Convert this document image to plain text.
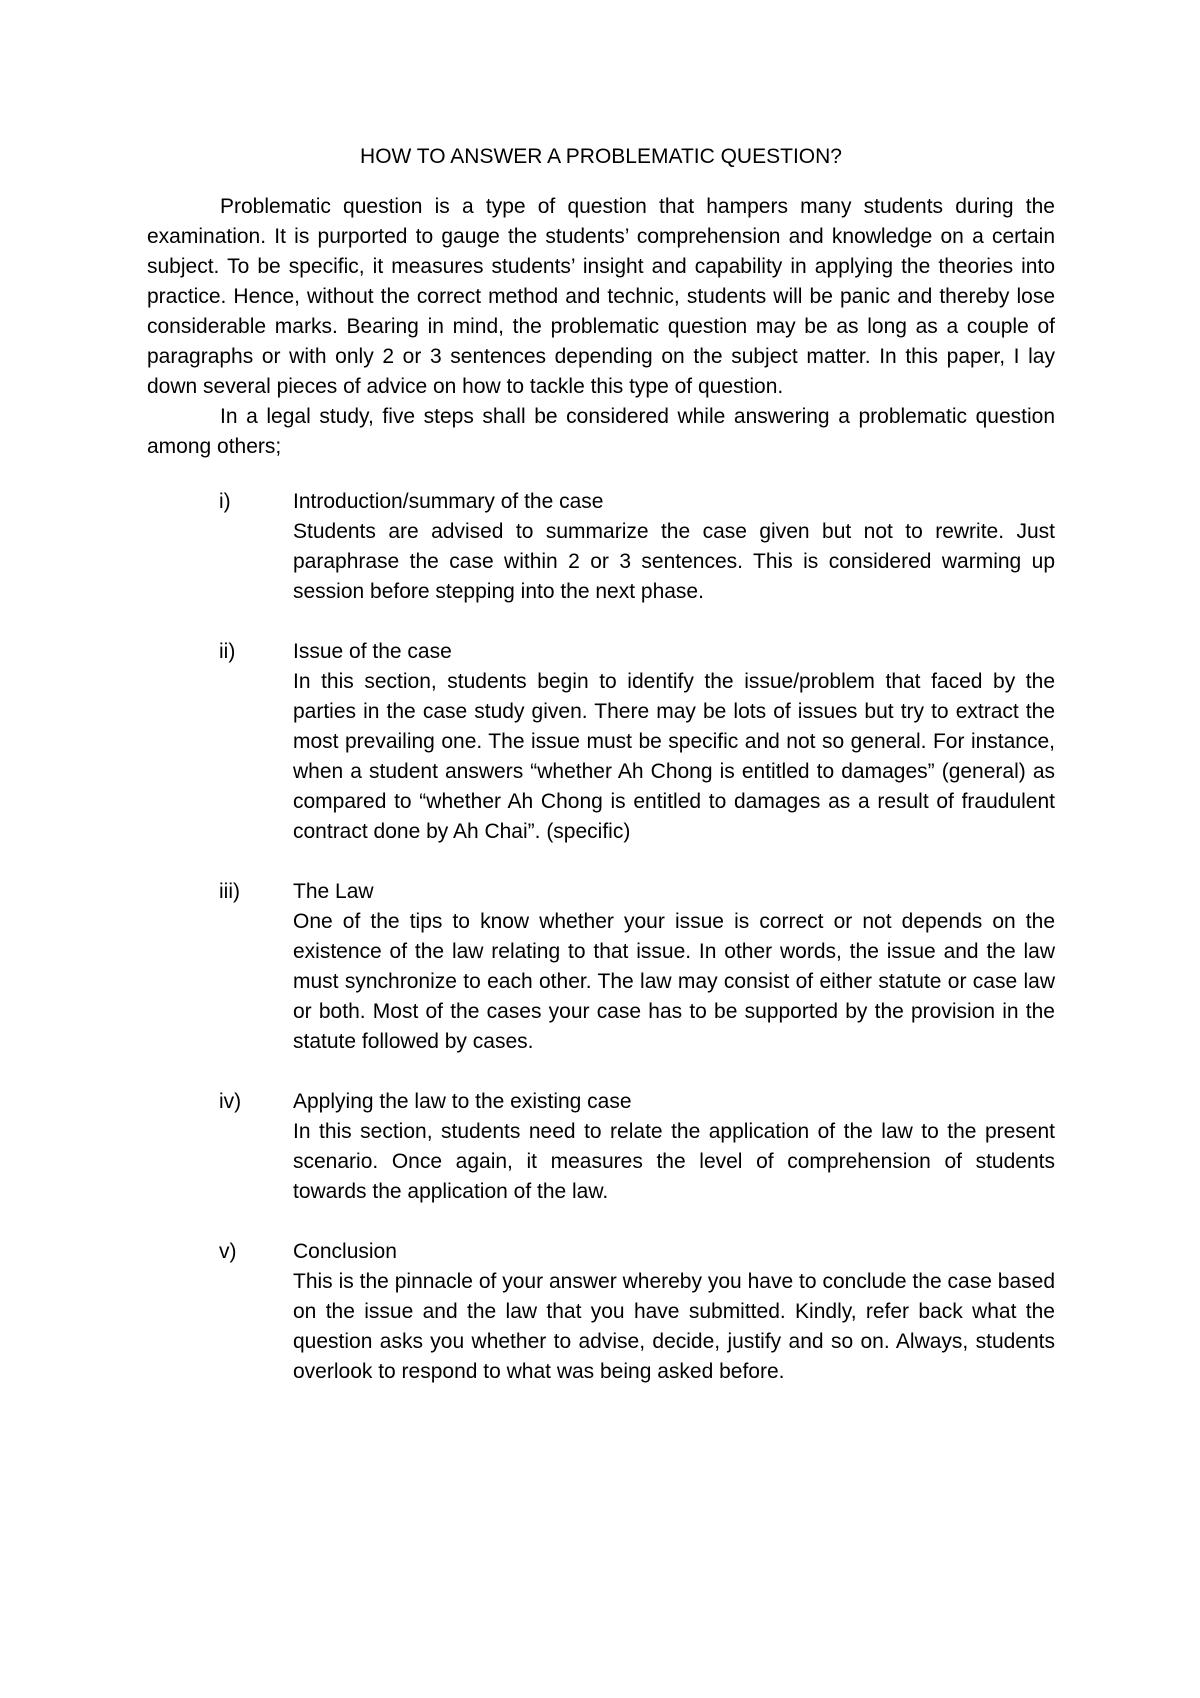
HOW TO ANSWER A PROBLEMATIC QUESTION?

Problematic question is a type of question that hampers many students during the examination. It is purported to gauge the students’ comprehension and knowledge on a certain subject. To be specific, it measures students’ insight and capability in applying the theories into practice. Hence, without the correct method and technic, students will be panic and thereby lose considerable marks. Bearing in mind, the problematic question may be as long as a couple of paragraphs or with only 2 or 3 sentences depending on the subject matter. In this paper, I lay down several pieces of advice on how to tackle this type of question.

In a legal study, five steps shall be considered while answering a problematic question among others;

i)	Introduction/summary of the case
Students are advised to summarize the case given but not to rewrite. Just paraphrase the case within 2 or 3 sentences. This is considered warming up session before stepping into the next phase.
ii)	Issue of the case
In this section, students begin to identify the issue/problem that faced by the parties in the case study given. There may be lots of issues but try to extract the most prevailing one. The issue must be specific and not so general. For instance, when a student answers “whether Ah Chong is entitled to damages” (general) as compared to “whether Ah Chong is entitled to damages as a result of fraudulent contract done by Ah Chai”. (specific)
iii)	The Law
One of the tips to know whether your issue is correct or not depends on the existence of the law relating to that issue. In other words, the issue and the law must synchronize to each other. The law may consist of either statute or case law or both. Most of the cases your case has to be supported by the provision in the statute followed by cases.
iv)	Applying the law to the existing case
In this section, students need to relate the application of the law to the present scenario. Once again, it measures the level of comprehension of students towards the application of the law.
v)	Conclusion
This is the pinnacle of your answer whereby you have to conclude the case based on the issue and the law that you have submitted. Kindly, refer back what the question asks you whether to advise, decide, justify and so on. Always, students overlook to respond to what was being asked before.
